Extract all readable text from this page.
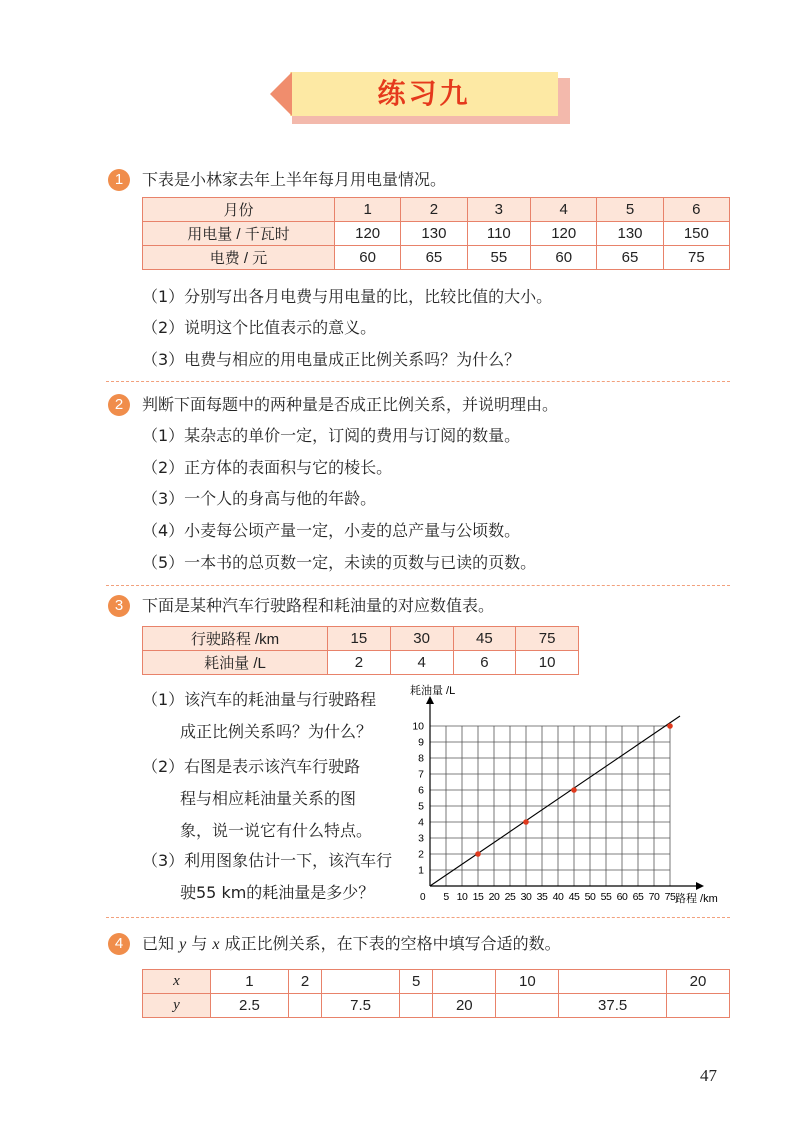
练习九
1	下表是小林家去年上半年每月用电量情况。
月份	1	2	3	4	5	6
用电量 / 千瓦时	120	130	110	120	130	150
电费 / 元	60	65	55	60	65	75
（1）分别写出各月电费与用电量的比，比较比值的大小。
（2）说明这个比值表示的意义。
（3）电费与相应的用电量成正比例关系吗？为什么？
2	判断下面每题中的两种量是否成正比例关系，并说明理由。
（1）某杂志的单价一定，订阅的费用与订阅的数量。
（2）正方体的表面积与它的棱长。
（3）一个人的身高与他的年龄。
（4）小麦每公顷产量一定，小麦的总产量与公顷数。
（5）一本书的总页数一定，未读的页数与已读的页数。
3	下面是某种汽车行驶路程和耗油量的对应数值表。
行驶路程 /km	15	30	45	75
耗油量 /L	2	4	6	10
（1）该汽车的耗油量与行驶路程
成正比例关系吗？为什么？
（2）右图是表示该汽车行驶路
程与相应耗油量关系的图
象，说一说它有什么特点。
（3）利用图象估计一下，该汽车行
驶55 km的耗油量是多少？	5 10 15 20 25 30 35 40 45 50 55 60 65 70 75
1
2
3
4
5
6
7
8
9
10
耗油量 /L
路程 /km
0
4	已知 y 与 x 成正比例关系，在下表的空格中填写合适的数。
x	1	2		5		10		20
y	2.5		7.5		20		37.5	
47
